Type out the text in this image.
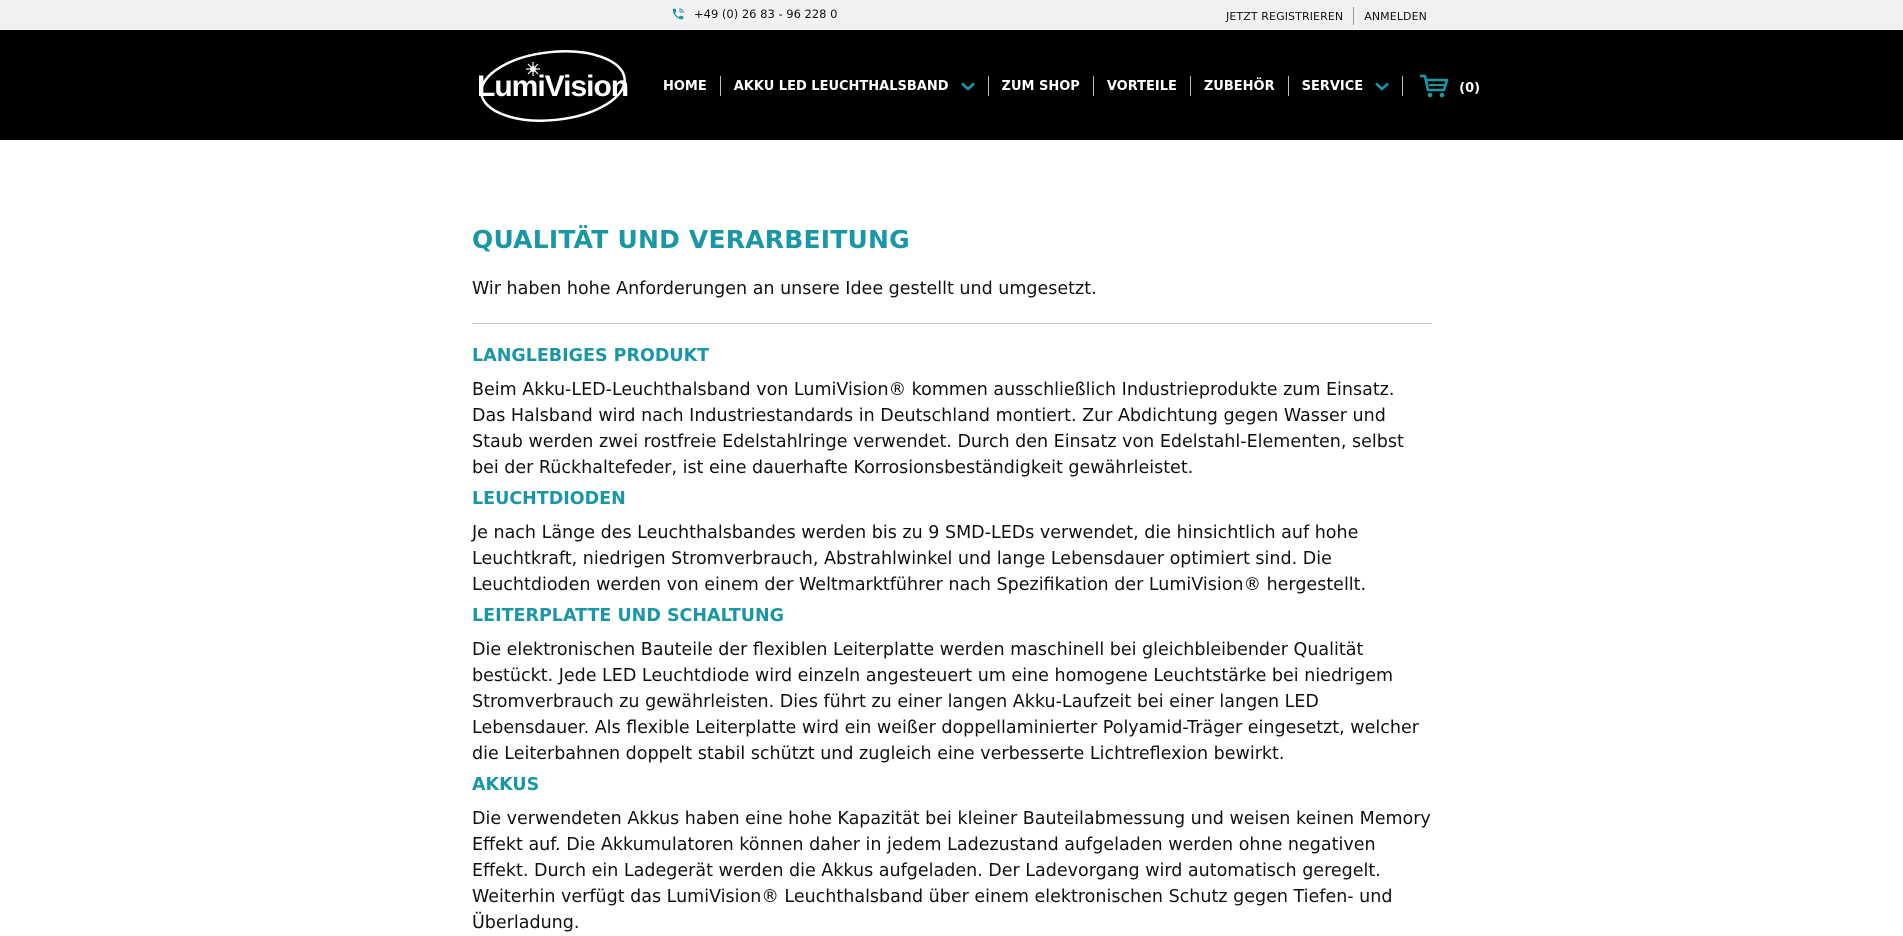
+49 (0) 26 83 - 96 228 0	JETZT REGISTRIEREN ANMELDEN
LumiVision	HOME AKKU LED LEUCHTHALSBAND	ZUM SHOP VORTEILE ZUBEHÖR SERVICE	(0)
QUALITÄT UND VERARBEITUNG

Wir haben hohe Anforderungen an unsere Idee gestellt und umgesetzt.

LANGLEBIGES PRODUKT

Beim Akku-LED-Leuchthalsband von LumiVision® kommen ausschließlich Industrieprodukte zum Einsatz. Das Halsband wird nach Industriestandards in Deutschland montiert. Zur Abdichtung gegen Wasser und Staub werden zwei rostfreie Edelstahlringe verwendet. Durch den Einsatz von Edelstahl-Elementen, selbst bei der Rückhaltefeder, ist eine dauerhafte Korrosionsbeständigkeit gewährleistet.

LEUCHTDIODEN

Je nach Länge des Leuchthalsbandes werden bis zu 9 SMD-LEDs verwendet, die hinsichtlich auf hohe Leuchtkraft, niedrigen Stromverbrauch, Abstrahlwinkel und lange Lebensdauer optimiert sind. Die Leuchtdioden werden von einem der Weltmarktführer nach Spezifikation der LumiVision® hergestellt.

LEITERPLATTE UND SCHALTUNG

Die elektronischen Bauteile der flexiblen Leiterplatte werden maschinell bei gleichbleibender Qualität bestückt. Jede LED Leuchtdiode wird einzeln angesteuert um eine homogene Leuchtstärke bei niedrigem Stromverbrauch zu gewährleisten. Dies führt zu einer langen Akku-Laufzeit bei einer langen LED Lebensdauer. Als flexible Leiterplatte wird ein weißer doppellaminierter Polyamid-Träger eingesetzt, welcher die Leiterbahnen doppelt stabil schützt und zugleich eine verbesserte Lichtreflexion bewirkt.

AKKUS

Die verwendeten Akkus haben eine hohe Kapazität bei kleiner Bauteilabmessung und weisen keinen Memory Effekt auf. Die Akkumulatoren können daher in jedem Ladezustand aufgeladen werden ohne negativen Effekt. Durch ein Ladegerät werden die Akkus aufgeladen. Der Ladevorgang wird automatisch geregelt. Weiterhin verfügt das LumiVision® Leuchthalsband über einem elektronischen Schutz gegen Tiefen- und Überladung.
